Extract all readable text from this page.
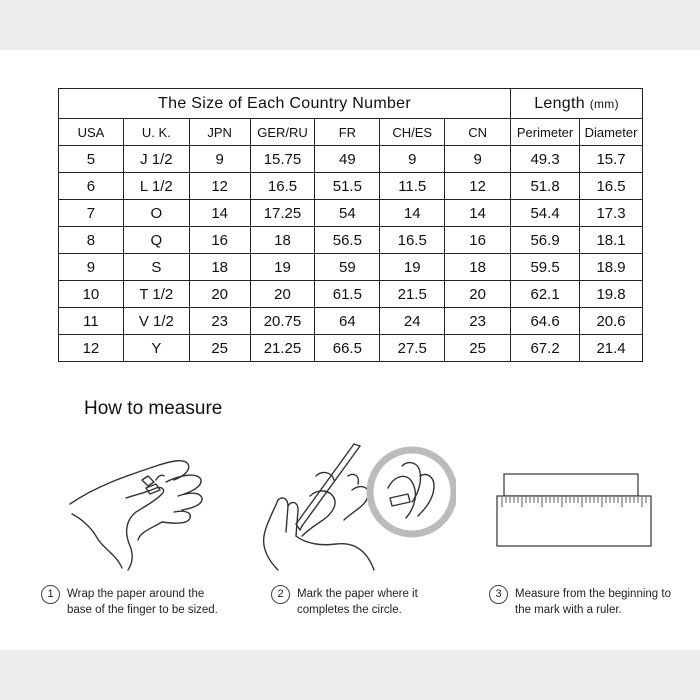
The Size of Each Country Number							Length (mm)	
USA	U. K.	JPN	GER/RU	FR	CH/ES	CN	Perimeter	Diameter
5	J 1/2	9	15.75	49	9	9	49.3	15.7
6	L 1/2	12	16.5	51.5	11.5	12	51.8	16.5
7	O	14	17.25	54	14	14	54.4	17.3
8	Q	16	18	56.5	16.5	16	56.9	18.1
9	S	18	19	59	19	18	59.5	18.9
10	T 1/2	20	20	61.5	21.5	20	62.1	19.8
11	V 1/2	23	20.75	64	24	23	64.6	20.6
12	Y	25	21.25	66.5	27.5	25	67.2	21.4
How to measure
1	Wrap the paper around the
base of the finger to be sized.
2	Mark the paper where it
completes the circle.
3	Measure from the beginning to
the mark with a ruler.
